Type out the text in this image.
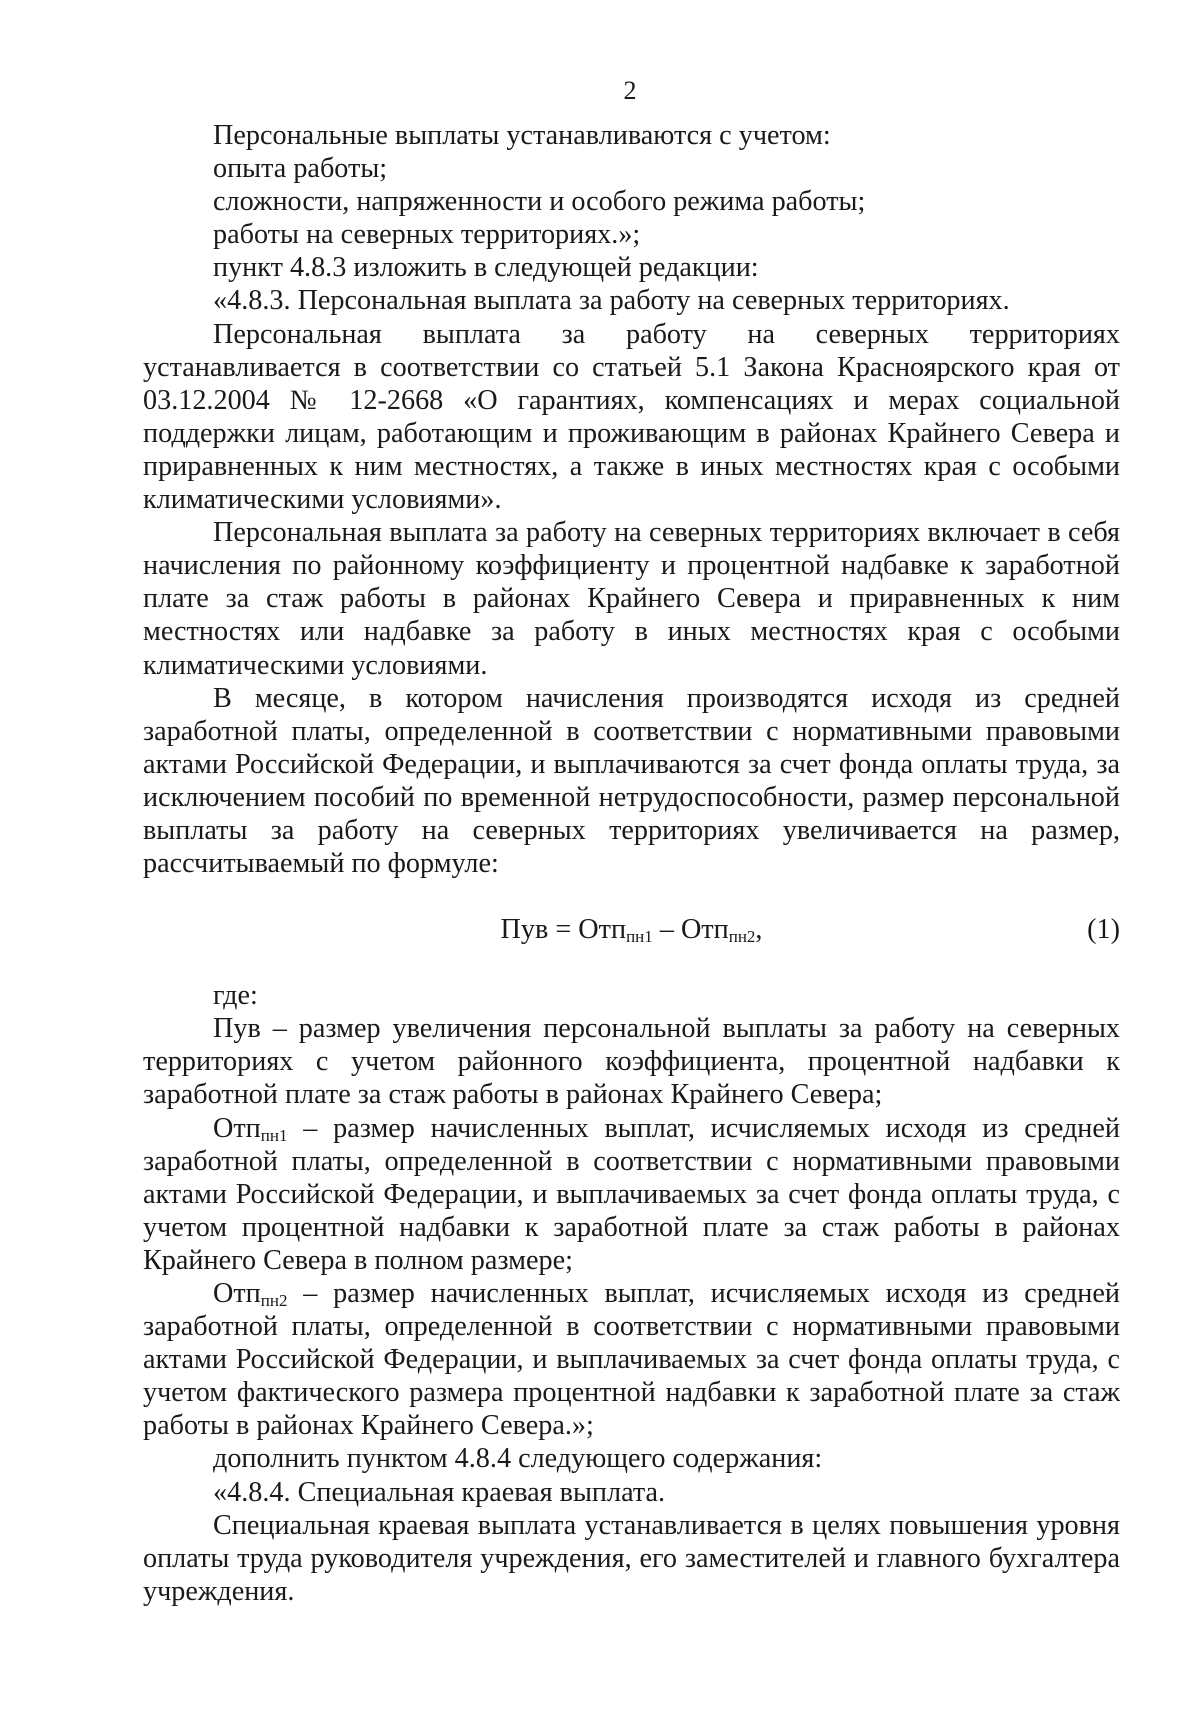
2

Персональные выплаты устанавливаются с учетом:

опыта работы;

сложности, напряженности и особого режима работы;

работы на северных территориях.»;

пункт 4.8.3 изложить в следующей редакции:

«4.8.3. Персональная выплата за работу на северных территориях.

Персональная выплата за работу на северных территориях устанавливается в соответствии со статьей 5.1 Закона Красноярского края от 03.12.2004 № 12-2668 «О гарантиях, компенсациях и мерах социальной поддержки лицам, работающим и проживающим в районах Крайнего Севера и приравненных к ним местностях, а также в иных местностях края с особыми климатическими условиями».

Персональная выплата за работу на северных территориях включает в себя начисления по районному коэффициенту и процентной надбавке к заработной плате за стаж работы в районах Крайнего Севера и приравненных к ним местностях или надбавке за работу в иных местностях края с особыми климатическими условиями.

В месяце, в котором начисления производятся исходя из средней заработной платы, определенной в соответствии с нормативными правовыми актами Российской Федерации, и выплачиваются за счет фонда оплаты труда, за исключением пособий по временной нетрудоспособности, размер персональной выплаты за работу на северных территориях увеличивается на размер, рассчитываемый по формуле:

Пув = Отп$_{пн1}$ – Отп$_{пн2}$,	(1)

где:

Пув – размер увеличения персональной выплаты за работу на северных территориях с учетом районного коэффициента, процентной надбавки к заработной плате за стаж работы в районах Крайнего Севера;

Отп$_{пн1}$ – размер начисленных выплат, исчисляемых исходя из средней заработной платы, определенной в соответствии с нормативными правовыми актами Российской Федерации, и выплачиваемых за счет фонда оплаты труда, с учетом процентной надбавки к заработной плате за стаж работы в районах Крайнего Севера в полном размере;

Отп$_{пн2}$ – размер начисленных выплат, исчисляемых исходя из средней заработной платы, определенной в соответствии с нормативными правовыми актами Российской Федерации, и выплачиваемых за счет фонда оплаты труда, с учетом фактического размера процентной надбавки к заработной плате за стаж работы в районах Крайнего Севера.»;

дополнить пунктом 4.8.4 следующего содержания:

«4.8.4. Специальная краевая выплата.

Специальная краевая выплата устанавливается в целях повышения уровня оплаты труда руководителя учреждения, его заместителей и главного бухгалтера учреждения.
